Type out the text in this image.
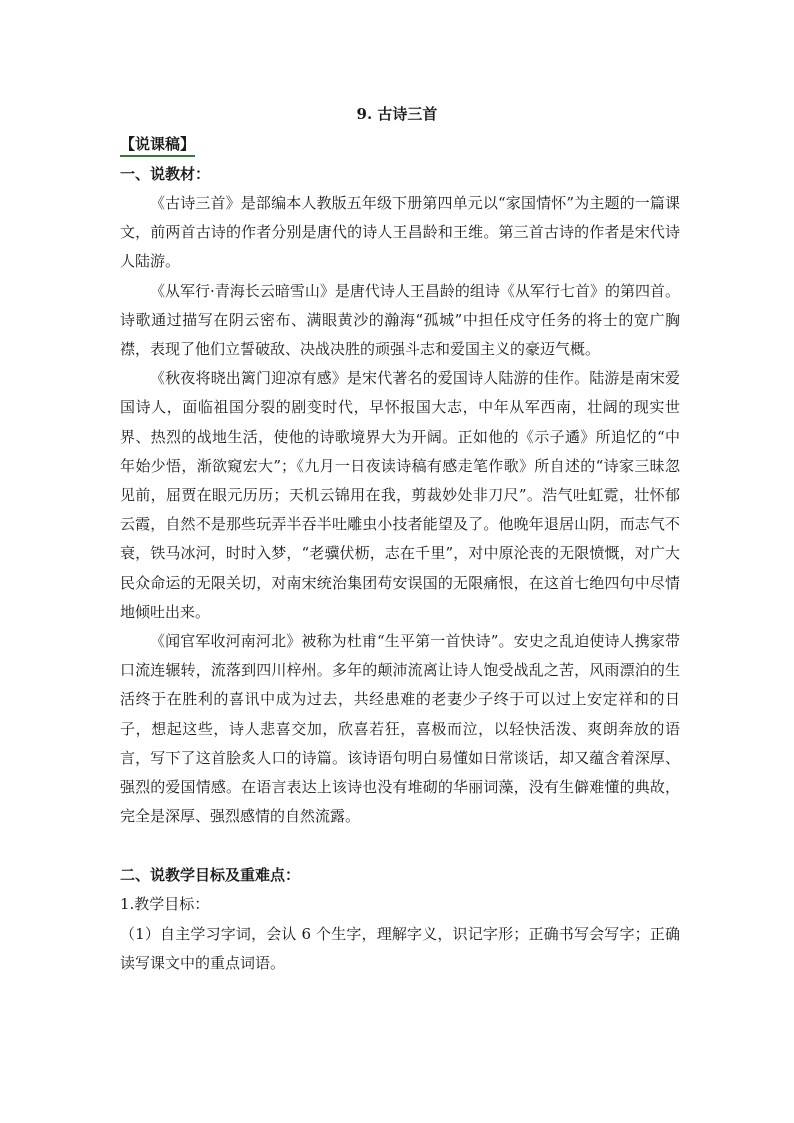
9. 古诗三首
【说课稿】

一、说教材：

《古诗三首》是部编本人教版五年级下册第四单元以“家国情怀”为主题的一篇课文，前两首古诗的作者分别是唐代的诗人王昌龄和王维。第三首古诗的作者是宋代诗人陆游。

《从军行·青海长云暗雪山》是唐代诗人王昌龄的组诗《从军行七首》的第四首。诗歌通过描写在阴云密布、满眼黄沙的瀚海“孤城”中担任戍守任务的将士的宽广胸襟，表现了他们立誓破敌、决战决胜的顽强斗志和爱国主义的豪迈气概。

《秋夜将晓出篱门迎凉有感》是宋代著名的爱国诗人陆游的佳作。陆游是南宋爱国诗人，面临祖国分裂的剧变时代，早怀报国大志，中年从军西南，壮阔的现实世界、热烈的战地生活，使他的诗歌境界大为开阔。正如他的《示子遹》所追忆的“中年始少悟，渐欲窥宏大”；《九月一日夜读诗稿有感走笔作歌》所自述的“诗家三昧忽见前，屈贾在眼元历历；天机云锦用在我，剪裁妙处非刀尺”。浩气吐虹霓，壮怀郁云霞，自然不是那些玩弄半吞半吐雕虫小技者能望及了。他晚年退居山阴，而志气不衰，铁马冰河，时时入梦，“老骥伏枥，志在千里”，对中原沦丧的无限愤慨，对广大民众命运的无限关切，对南宋统治集团苟安误国的无限痛恨，在这首七绝四句中尽情地倾吐出来。

《闻官军收河南河北》被称为杜甫“生平第一首快诗”。安史之乱迫使诗人携家带口流连辗转，流落到四川梓州。多年的颠沛流离让诗人饱受战乱之苦，风雨漂泊的生活终于在胜利的喜讯中成为过去，共经患难的老妻少子终于可以过上安定祥和的日子，想起这些，诗人悲喜交加，欣喜若狂，喜极而泣，以轻快活泼、爽朗奔放的语言，写下了这首脍炙人口的诗篇。该诗语句明白易懂如日常谈话，却又蕴含着深厚、强烈的爱国情感。在语言表达上该诗也没有堆砌的华丽词藻，没有生僻难懂的典故，完全是深厚、强烈感情的自然流露。

二、说教学目标及重难点：

1.教学目标：

（1）自主学习字词，会认 6 个生字，理解字义，识记字形；正确书写会写字；正确读写课文中的重点词语。
